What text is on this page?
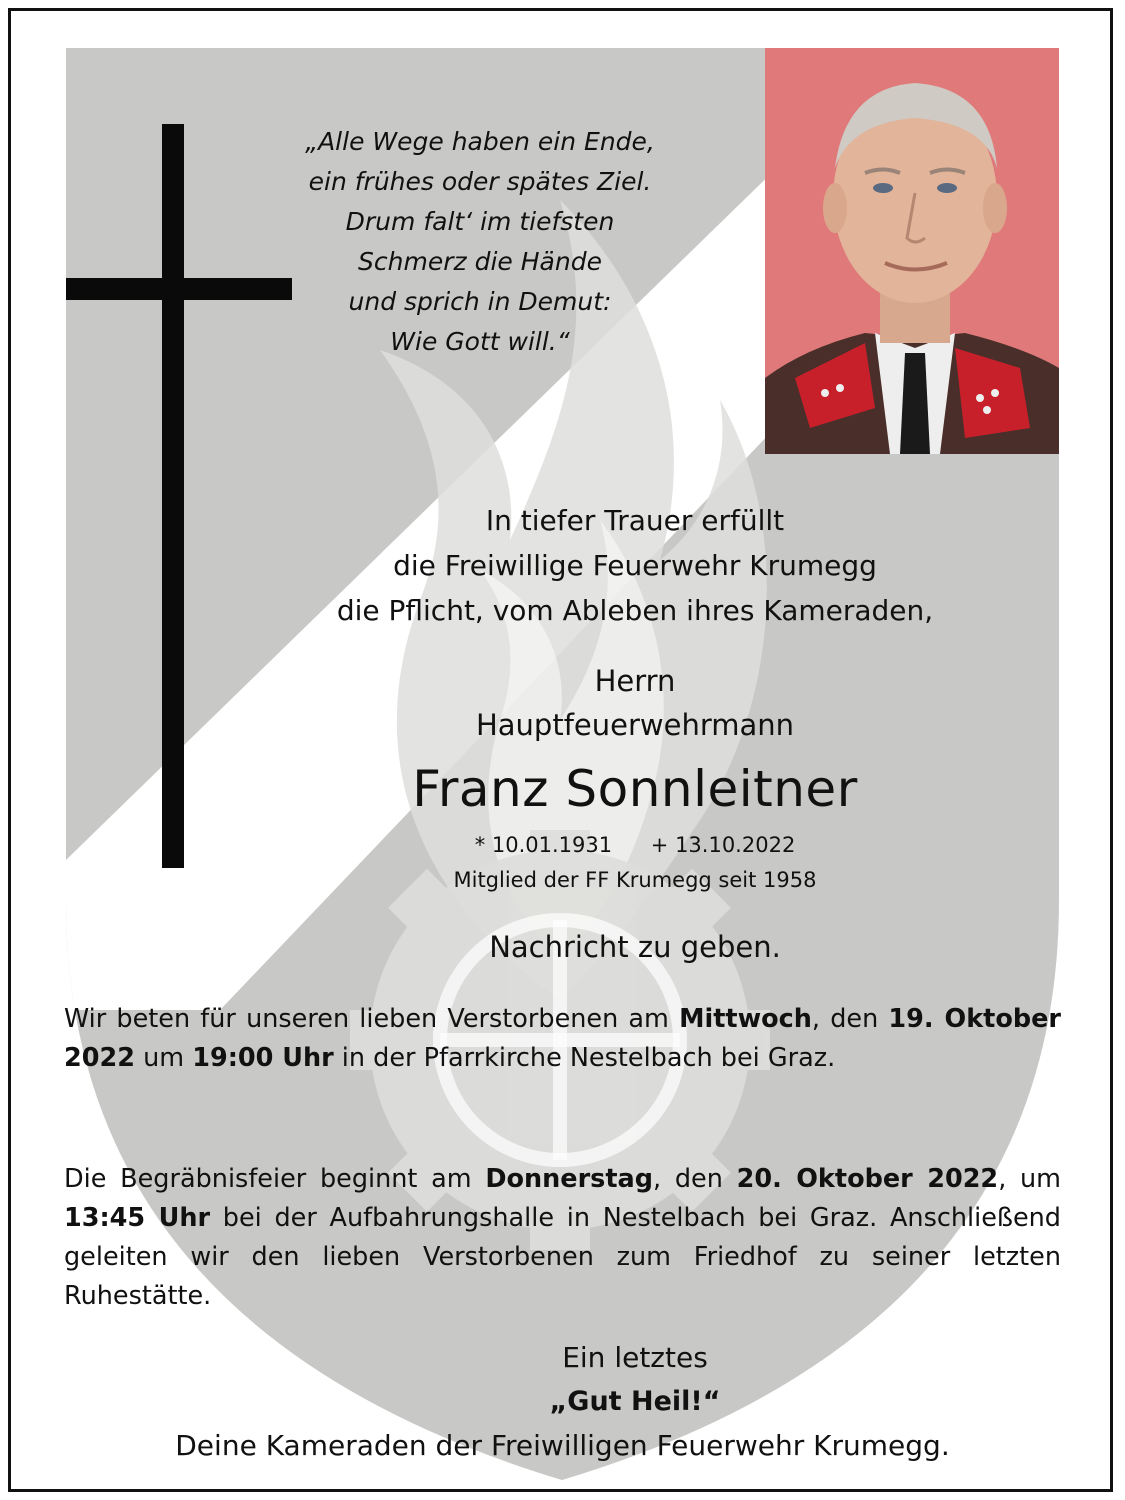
„Alle Wege haben ein Ende,
ein frühes oder spätes Ziel.
Drum falt‘ im tiefsten
Schmerz die Hände
und sprich in Demut:
Wie Gott will.“
In tiefer Trauer erfüllt
die Freiwillige Feuerwehr Krumegg
die Pflicht, vom Ableben ihres Kameraden,
Herrn
Hauptfeuerwehrmann
Franz Sonnleitner
* 10.01.1931 + 13.10.2022
Mitglied der FF Krumegg seit 1958
Nachricht zu geben.
Wir beten für unseren lieben Verstorbenen am Mittwoch, den 19. Oktober 2022 um 19:00 Uhr in der Pfarrkirche Nestelbach bei Graz.
Die Begräbnisfeier beginnt am Donnerstag, den 20. Oktober 2022, um 13:45 Uhr bei der Aufbahrungshalle in Nestelbach bei Graz. Anschließend geleiten wir den lieben Verstorbenen zum Friedhof zu seiner letzten Ruhestätte.
Ein letztes
„Gut Heil!“
Deine Kameraden der Freiwilligen Feuerwehr Krumegg.
